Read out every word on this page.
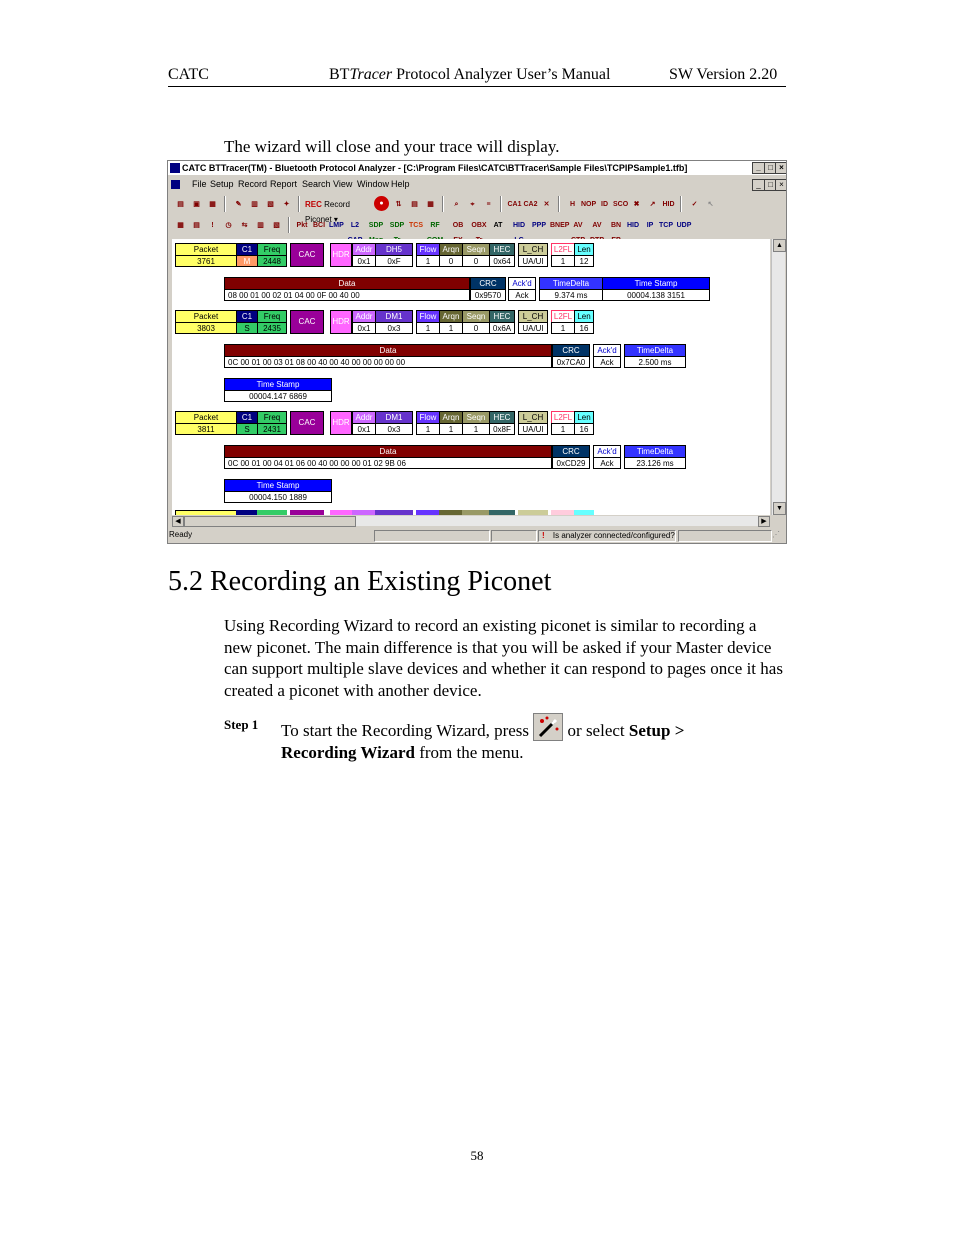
CATC	BTTracer Protocol Analyzer User’s Manual	SW Version 2.20
The wizard will close and your trace will display.
CATC BTTracer(TM) - Bluetooth Protocol Analyzer - [C:\Program Files\CATC\BTTracer\Sample Files\TCPIPSample1.tfb]	_ □ ×
File Setup Record Report Search View Window Help	_ □ ×
▤	▣	▦	✎	▥	▧	✦	REC Record Piconet ▾
●	⇅	▤	▦	⌕	⌖	≡	CA1 CA2 ✕	H NOP ID SCO ✖	↗	HID	✓	↖
▦	▤	!	◷	⇆	▥	▧	Pkt BCI LMP	L2	SDP SDP TCS	RF	OB	OBX	AT	HID PPP BNEP AV	AV	BN HID	IP TCP UDP
Packet
3761
C1
M
Freq
2448
CAC	HDR
Addr
0x1
DH5
0xF
Flow
1
Arqn
0
Seqn
0
HEC
0x64
L_CH
UA/UI
L2FL
1
Len
12
Data
08 00 01 00 02 01 04 00 0F 00 40 00
CRC
0x9570
Ack'd
Ack
TimeDelta
9.374 ms
Time Stamp
00004.138 3151
Packet
3803
C1
S
Freq
2435
CAC	HDR
Addr
0x1
DM1
0x3
Flow
1
Arqn
1
Seqn
0
HEC
0x6A
L_CH
UA/UI
L2FL
1
Len
16
Data
0C 00 01 00 03 01 08 00 40 00 40 00 00 00 00 00
CRC
0x7CA0
Ack'd
Ack
TimeDelta
2.500 ms
Time Stamp
00004.147 6869
Packet
3811
C1
S
Freq
2431
CAC	HDR
Addr
0x1
DM1
0x3
Flow
1
Arqn
1
Seqn
1
HEC
0x8F
L_CH
UA/UI
L2FL
1
Len
16
Data
0C 00 01 00 04 01 06 00 40 00 00 00 01 02 9B 06
CRC
0xCD29
Ack'd
Ack
TimeDelta
23.126 ms
Time Stamp
00004.150 1889
▲
▼
◀	▶
Ready	! Is analyzer connected/configured?	⋰
5.2 Recording an Existing Piconet
Using Recording Wizard to record an existing piconet is similar to recording a new piconet. The main difference is that you will be asked if your Master device can support multiple slave devices and whether it can respond to pages once it has created a piconet with another device.
Step 1 To start the Recording Wizard, press  or select Setup >
Recording Wizard from the menu.
58
